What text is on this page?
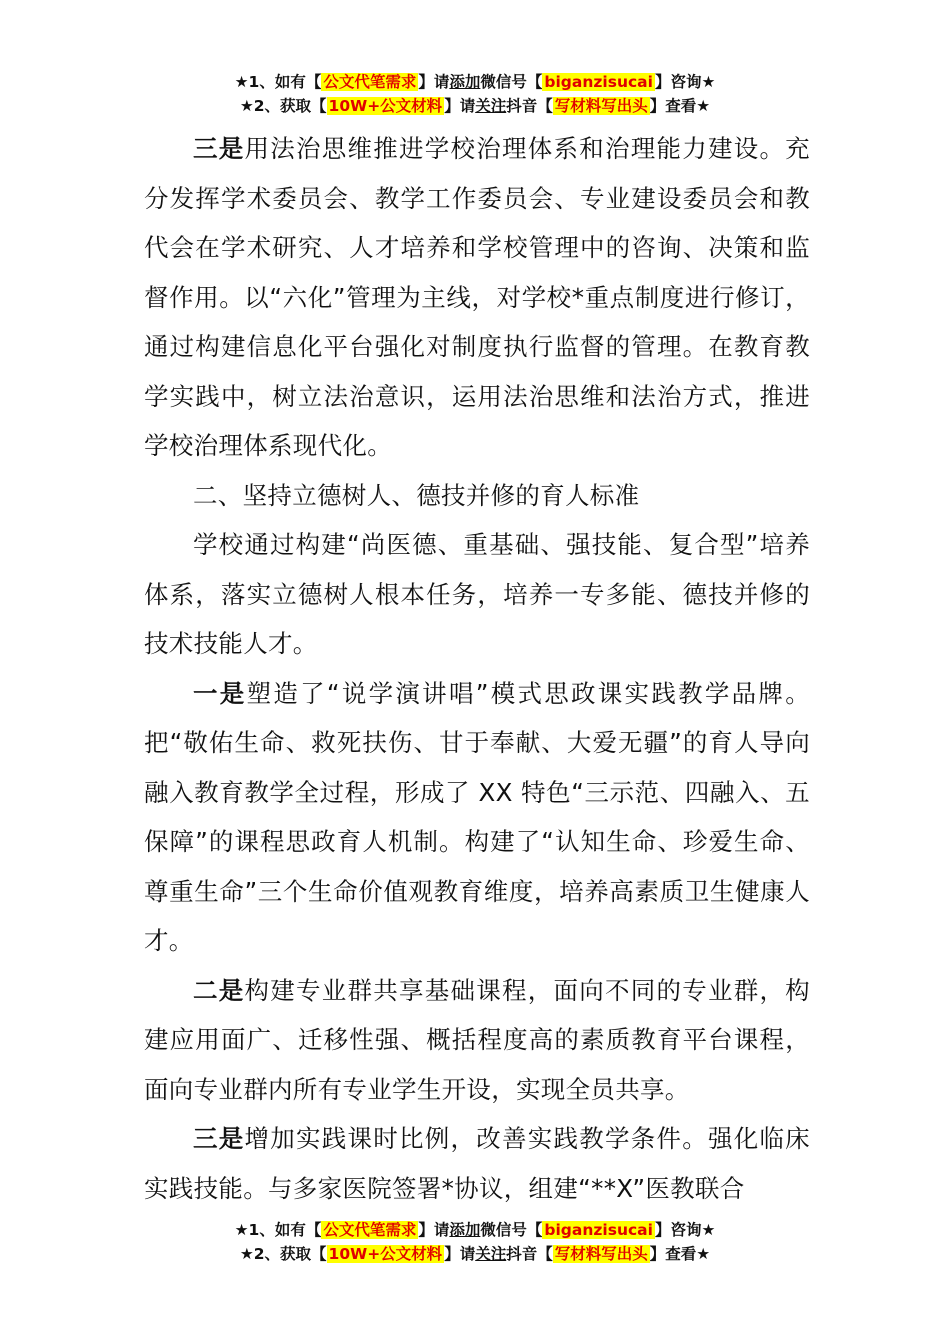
★1、如有【 公文代笔需求 】请添加微信号【 biganzisucai 】咨询★
★2、获取【 10W+公文材料 】请关注抖音【 写材料写出头 】查看★

三是用法治思维推进学校治理体系和治理能力建设。充分发挥学术委员会、教学工作委员会、专业建设委员会和教代会在学术研究、人才培养和学校管理中的咨询、决策和监督作用。以“六化”管理为主线，对学校*重点制度进行修订，通过构建信息化平台强化对制度执行监督的管理。在教育教学实践中，树立法治意识，运用法治思维和法治方式，推进学校治理体系现代化。

二、坚持立德树人、德技并修的育人标准

学校通过构建“尚医德、重基础、强技能、复合型”培养体系，落实立德树人根本任务，培养一专多能、德技并修的技术技能人才。

一是塑造了“说学演讲唱”模式思政课实践教学品牌。把“敬佑生命、救死扶伤、甘于奉献、大爱无疆”的育人导向融入教育教学全过程，形成了 XX 特色“三示范、四融入、五保障”的课程思政育人机制。构建了“认知生命、珍爱生命、尊重生命”三个生命价值观教育维度，培养高素质卫生健康人才。

二是构建专业群共享基础课程，面向不同的专业群，构建应用面广、迁移性强、概括程度高的素质教育平台课程，面向专业群内所有专业学生开设，实现全员共享。

三是增加实践课时比例，改善实践教学条件。强化临床实践技能。与多家医院签署*协议，组建“**X”医教联合

★1、如有【 公文代笔需求 】请添加微信号【 biganzisucai 】咨询★
★2、获取【 10W+公文材料 】请关注抖音【 写材料写出头 】查看★
